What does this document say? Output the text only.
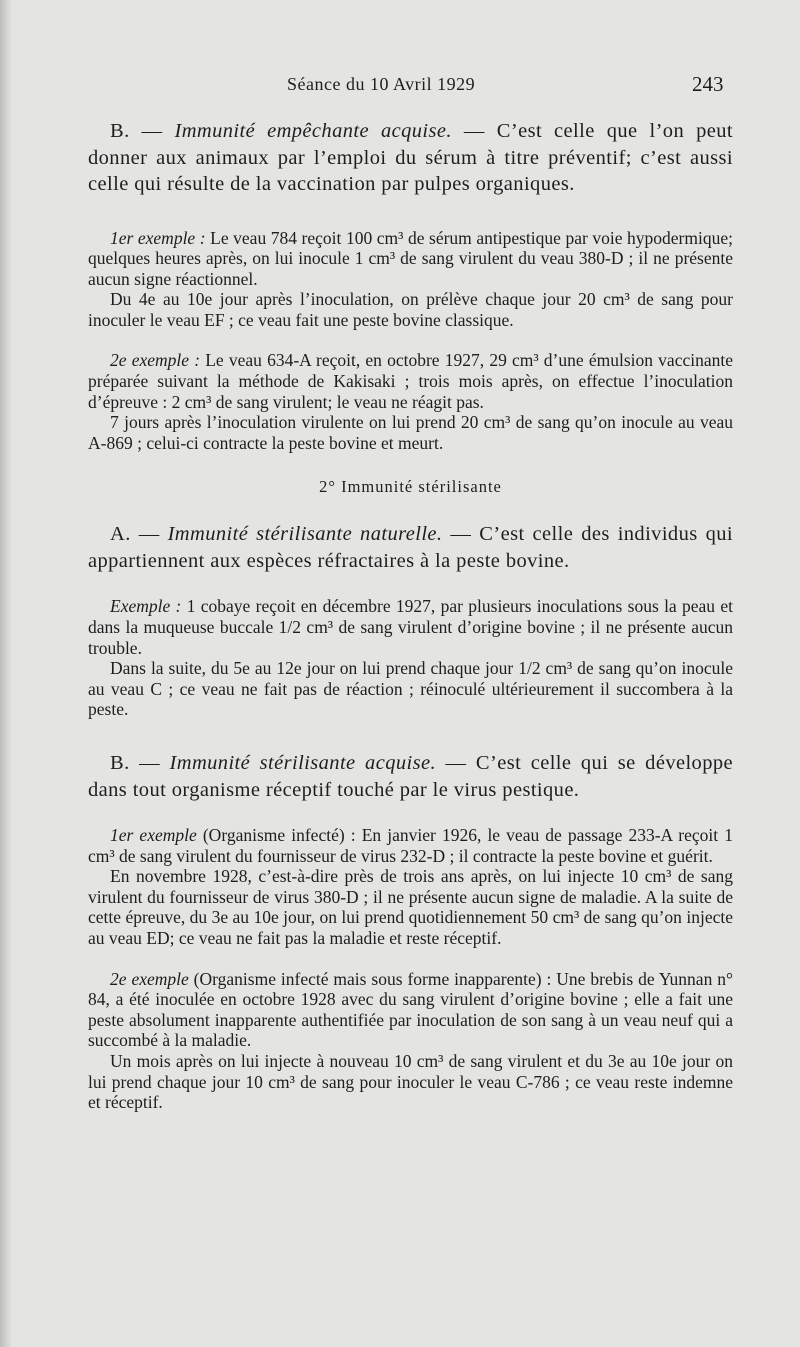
Séance du 10 Avril 1929	243

B. — Immunité empêchante acquise. — C’est celle que l’on peut donner aux animaux par l’emploi du sérum à titre préventif; c’est aussi celle qui résulte de la vaccination par pulpes organiques.

1er exemple : Le veau 784 reçoit 100 cm³ de sérum antipestique par voie hypodermique; quelques heures après, on lui inocule 1 cm³ de sang virulent du veau 380-D ; il ne présente aucun signe réactionnel.

Du 4e au 10e jour après l’inoculation, on prélève chaque jour 20 cm³ de sang pour inoculer le veau EF ; ce veau fait une peste bovine classique.

2e exemple : Le veau 634-A reçoit, en octobre 1927, 29 cm³ d’une émulsion vaccinante préparée suivant la méthode de Kakisaki ; trois mois après, on effectue l’inoculation d’épreuve : 2 cm³ de sang virulent; le veau ne réagit pas.

7 jours après l’inoculation virulente on lui prend 20 cm³ de sang qu’on inocule au veau A-869 ; celui-ci contracte la peste bovine et meurt.

2° Immunité stérilisante

A. — Immunité stérilisante naturelle. — C’est celle des individus qui appartiennent aux espèces réfractaires à la peste bovine.

Exemple : 1 cobaye reçoit en décembre 1927, par plusieurs inoculations sous la peau et dans la muqueuse buccale 1/2 cm³ de sang virulent d’origine bovine ; il ne présente aucun trouble.

Dans la suite, du 5e au 12e jour on lui prend chaque jour 1/2 cm³ de sang qu’on inocule au veau C ; ce veau ne fait pas de réaction ; réinoculé ultérieurement il succombera à la peste.

B. — Immunité stérilisante acquise. — C’est celle qui se développe dans tout organisme réceptif touché par le virus pestique.

1er exemple (Organisme infecté) : En janvier 1926, le veau de passage 233-A reçoit 1 cm³ de sang virulent du fournisseur de virus 232-D ; il contracte la peste bovine et guérit.

En novembre 1928, c’est-à-dire près de trois ans après, on lui injecte 10 cm³ de sang virulent du fournisseur de virus 380-D ; il ne présente aucun signe de maladie. A la suite de cette épreuve, du 3e au 10e jour, on lui prend quotidiennement 50 cm³ de sang qu’on injecte au veau ED; ce veau ne fait pas la maladie et reste réceptif.

2e exemple (Organisme infecté mais sous forme inapparente) : Une brebis de Yunnan n° 84, a été inoculée en octobre 1928 avec du sang virulent d’origine bovine ; elle a fait une peste absolument inapparente authentifiée par inoculation de son sang à un veau neuf qui a succombé à la maladie.

Un mois après on lui injecte à nouveau 10 cm³ de sang virulent et du 3e au 10e jour on lui prend chaque jour 10 cm³ de sang pour inoculer le veau C-786 ; ce veau reste indemne et réceptif.
